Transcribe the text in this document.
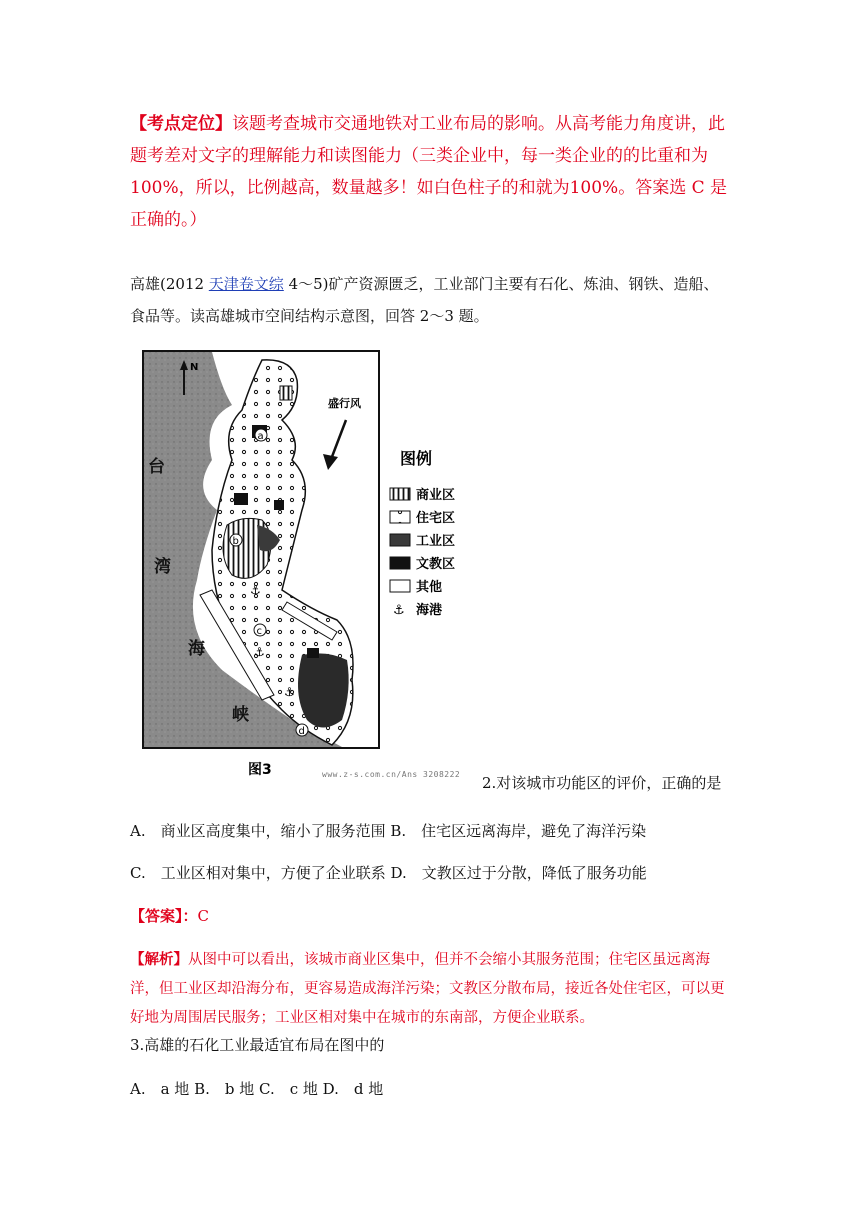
【考点定位】该题考查城市交通地铁对工业布局的影响。从高考能力角度讲，此题考差对文字的理解能力和读图能力（三类企业中，每一类企业的的比重和为100%，所以，比例越高，数量越多！如白色柱子的和就为100%。答案选 C 是正确的。）
高雄(2012 天津卷文综 4～5)矿产资源匮乏，工业部门主要有石化、炼油、钢铁、造船、食品等。读高雄城市空间结构示意图，回答 2～3 题。
a
b
c
d
⚓
⚓
⚓
N
盛行风
台
湾
海
峡
图例
商业区
住宅区
工业区
文教区
其他
⚓ 海港
图3	www.z-s.com.cn/Ans 3208222 2.对该城市功能区的评价，正确的是
A.　商业区高度集中，缩小了服务范围 B.　住宅区远离海岸，避免了海洋污染
C.　工业区相对集中，方便了企业联系 D.　文教区过于分散，降低了服务功能
【答案】：C
【解析】从图中可以看出，该城市商业区集中，但并不会缩小其服务范围；住宅区虽远离海洋，但工业区却沿海分布，更容易造成海洋污染；文教区分散布局，接近各处住宅区，可以更好地为周围居民服务；工业区相对集中在城市的东南部，方便企业联系。
3.高雄的石化工业最适宜布局在图中的
A.　a 地 B.　b 地 C.　c 地 D.　d 地
